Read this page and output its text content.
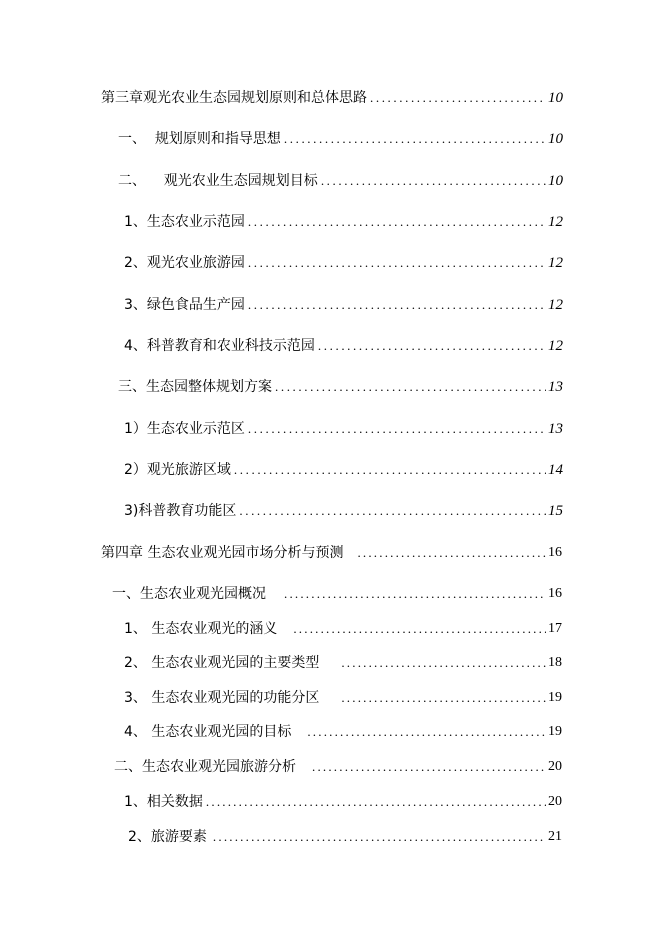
第三章观光农业生态园规划原则和总体思路 .....	10
一、  规划原则和指导思想 .....	10
二、    观光农业生态园规划目标 .....	10
1、生态农业示范园 .....	12
2、观光农业旅游园 .....	12
3、绿色食品生产园 .....	12
4、科普教育和农业科技示范园 .....	12
三、生态园整体规划方案 .....	13
1）生态农业示范区 .....	13
2）观光旅游区域 .....	14
3)科普教育功能区 .....	15
第四章 生态农业观光园市场分析与预测 .....	16
一、生态农业观光园概况 .....	16
1、 生态农业观光的涵义 .....	17
2、 生态农业观光园的主要类型 .....	18
3、 生态农业观光园的功能分区 .....	19
4、 生态农业观光园的目标 .....	19
二、生态农业观光园旅游分析 .....	20
1、相关数据 .....	20
2、旅游要素 .....	21
